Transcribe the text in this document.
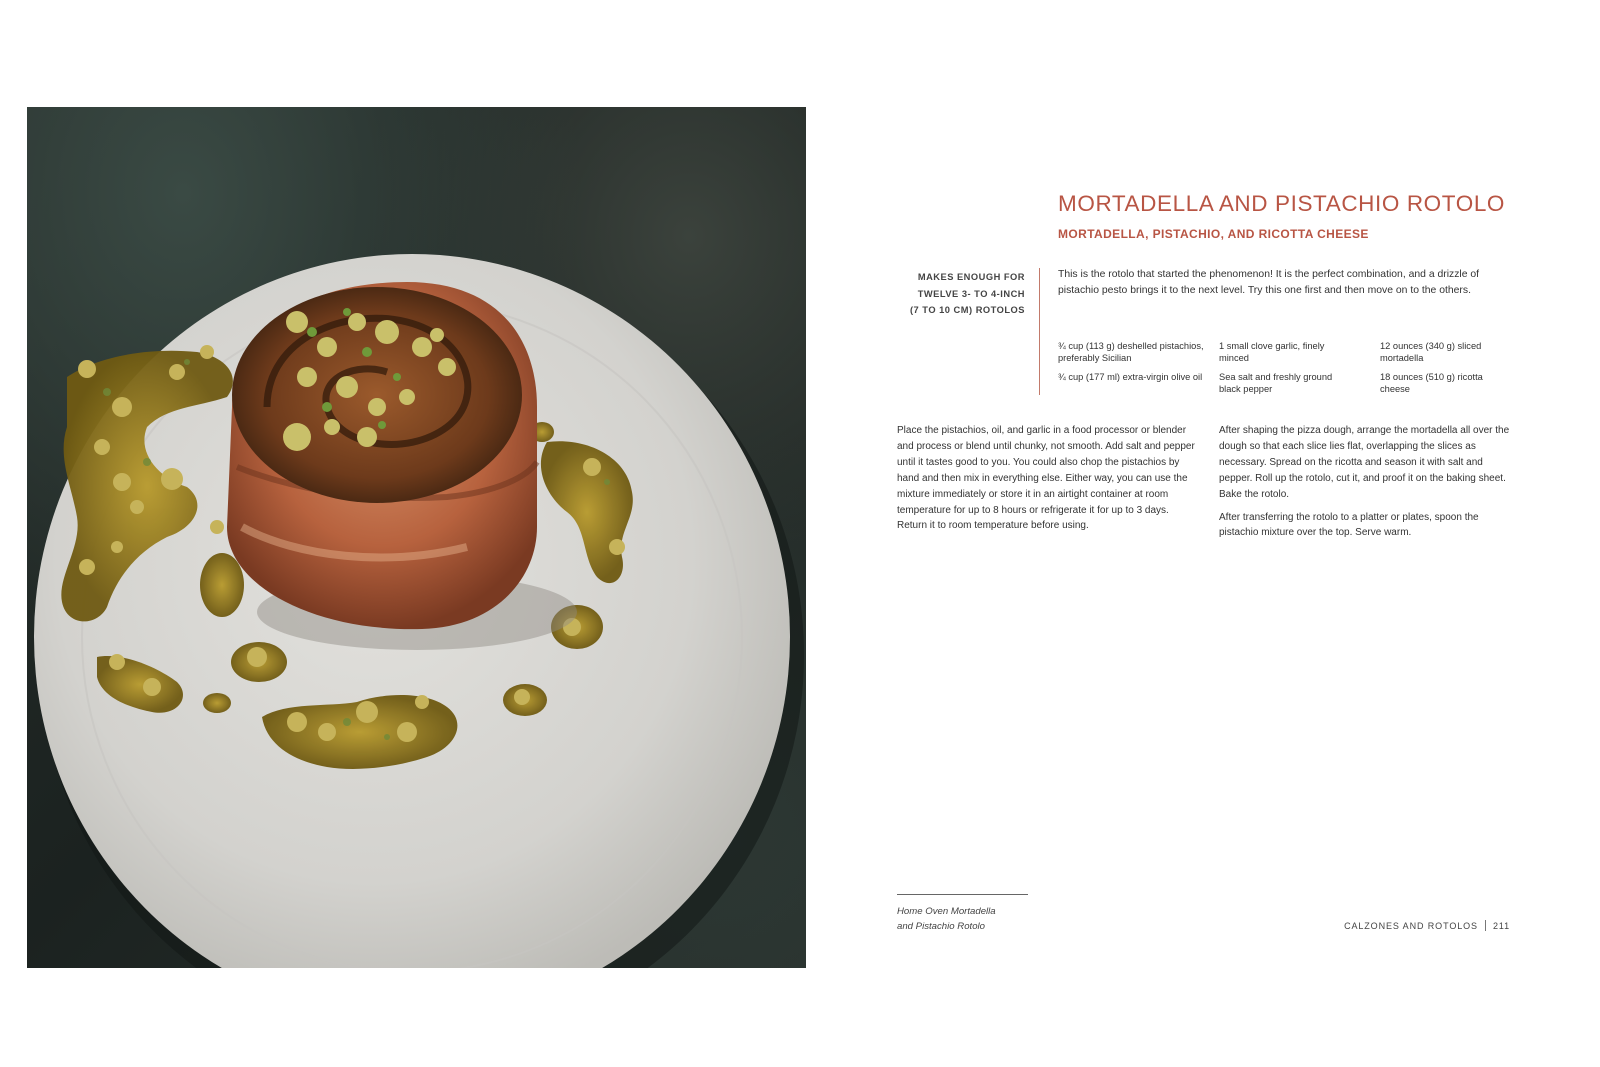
MORTADELLA AND PISTACHIO ROTOLO
MORTADELLA, PISTACHIO, AND RICOTTA CHEESE
MAKES ENOUGH FOR
TWELVE 3- TO 4-INCH
(7 TO 10 CM) ROTOLOS
This is the rotolo that started the phenomenon! It is the perfect combination, and a drizzle of pistachio pesto brings it to the next level. Try this one first and then move on to the others.
¾ cup (113 g) deshelled pistachios, preferably Sicilian
¾ cup (177 ml) extra-virgin olive oil
1 small clove garlic, finely minced
Sea salt and freshly ground black pepper
12 ounces (340 g) sliced mortadella
18 ounces (510 g) ricotta cheese

Place the pistachios, oil, and garlic in a food processor or blender and process or blend until chunky, not smooth. Add salt and pepper until it tastes good to you. You could also chop the pistachios by hand and then mix in everything else. Either way, you can use the mixture immediately or store it in an airtight container at room temperature for up to 8 hours or refrigerate it for up to 3 days. Return it to room temperature before using.

After shaping the pizza dough, arrange the mortadella all over the dough so that each slice lies flat, overlapping the slices as necessary. Spread on the ricotta and season it with salt and pepper. Roll up the rotolo, cut it, and proof it on the baking sheet. Bake the rotolo.

After transferring the rotolo to a platter or plates, spoon the pistachio mixture over the top. Serve warm.

Home Oven Mortadella
and Pistachio Rotolo	CALZONES AND ROTOLOS 211
